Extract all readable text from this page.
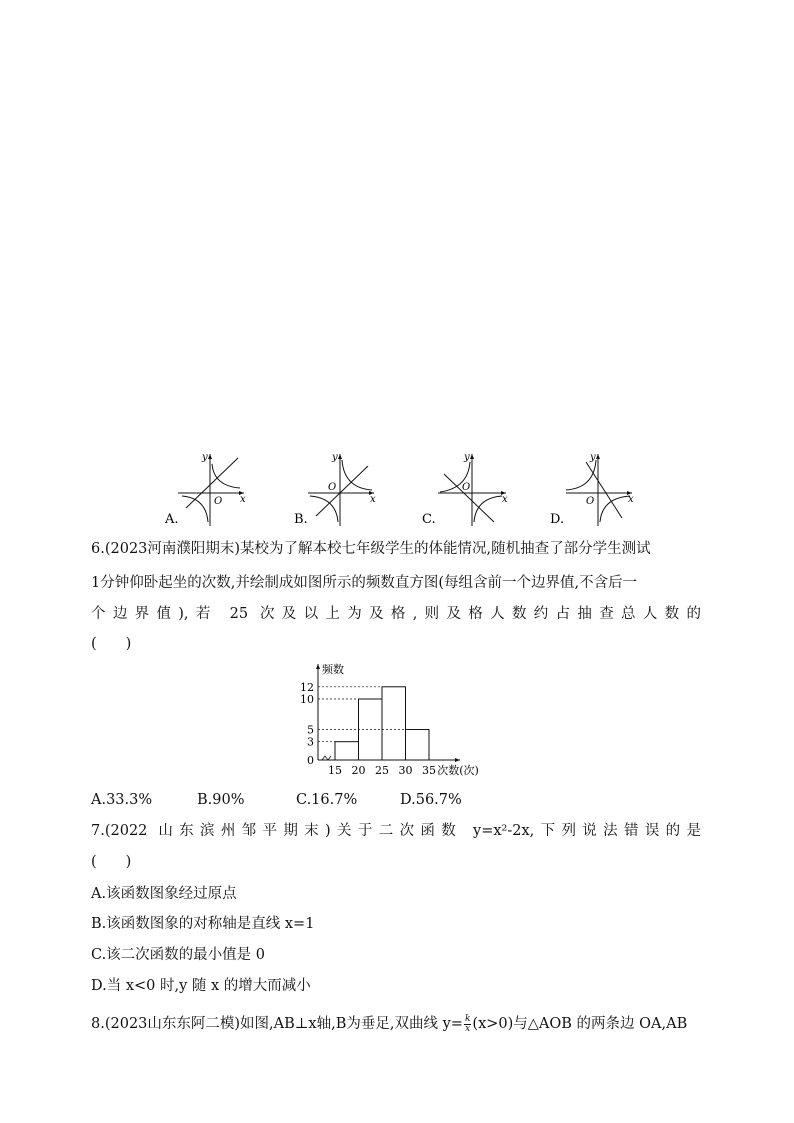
y
x
O
A.
y
x
O
B.
y
x
O
C.
y
x
O
D.
6.(2023河南濮阳期末)某校为了解本校七年级学生的体能情况,随机抽查了部分学生测试
1分钟仰卧起坐的次数,并绘制成如图所示的频数直方图(每组含前一个边界值,不含后一
个边界值),若 25 次及以上为及格,则及格人数约占抽查总人数的
(　　)
频数
次数(次)
0
3
5
10
12
15 20 25 30 35
A.33.3%	B.90%	C.16.7%	D.56.7%
7.(2022 山东滨州邹平期末)关于二次函数 y=x²-2x,下列说法错误的是
(　　)
A.该函数图象经过原点
B.该函数图象的对称轴是直线 x=1
C.该二次函数的最小值是 0
D.当 x<0 时,y 随 x 的增大而减小
8.(2023山东东阿二模)如图,AB⊥x轴,B为垂足,双曲线 $y= \frac{k}{x} (x>0)$与△AOB 的两条边 OA,AB
